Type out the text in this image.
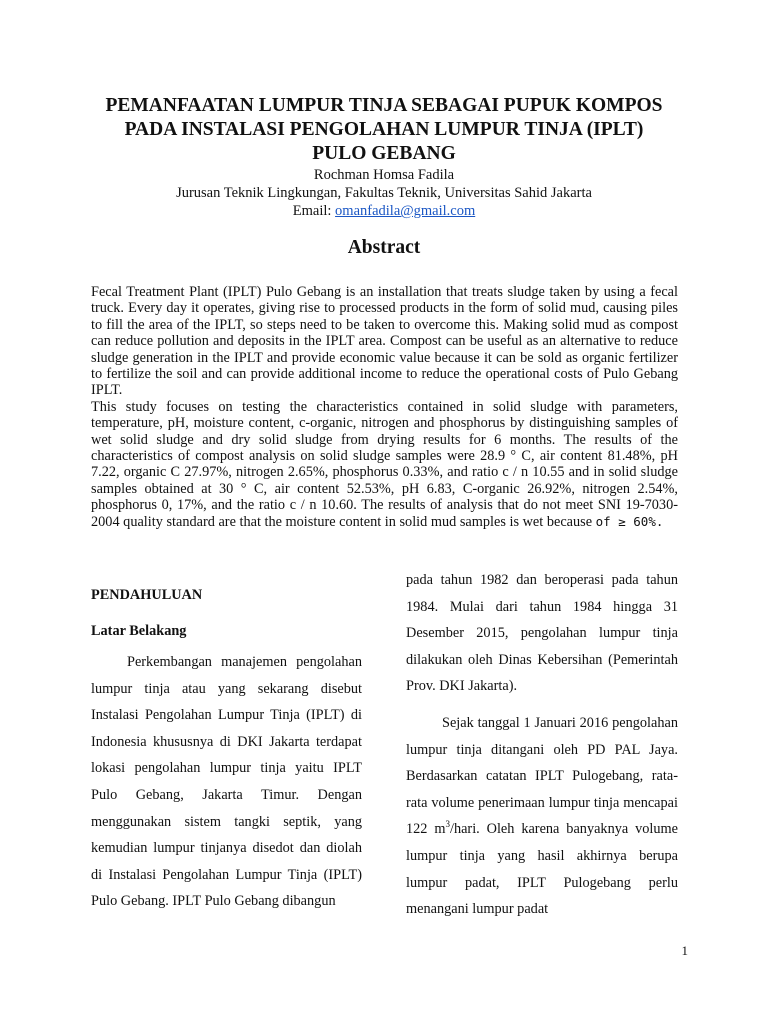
PEMANFAATAN LUMPUR TINJA SEBAGAI PUPUK KOMPOS
PADA INSTALASI PENGOLAHAN LUMPUR TINJA (IPLT)
PULO GEBANG
Rochman Homsa Fadila
Jurusan Teknik Lingkungan, Fakultas Teknik, Universitas Sahid Jakarta
Email: omanfadila@gmail.com
Abstract

Fecal Treatment Plant (IPLT) Pulo Gebang is an installation that treats sludge taken by using a fecal truck. Every day it operates, giving rise to processed products in the form of solid mud, causing piles to fill the area of the IPLT, so steps need to be taken to overcome this. Making solid mud as compost can reduce pollution and deposits in the IPLT area. Compost can be useful as an alternative to reduce sludge generation in the IPLT and provide economic value because it can be sold as organic fertilizer to fertilize the soil and can provide additional income to reduce the operational costs of Pulo Gebang IPLT.

This study focuses on testing the characteristics contained in solid sludge with parameters, temperature, pH, moisture content, c-organic, nitrogen and phosphorus by distinguishing samples of wet solid sludge and dry solid sludge from drying results for 6 months. The results of the characteristics of compost analysis on solid sludge samples were 28.9 ° C, air content 81.48%, pH 7.22, organic C 27.97%, nitrogen 2.65%, phosphorus 0.33%, and ratio c / n 10.55 and in solid sludge samples obtained at 30 ° C, air content 52.53%, pH 6.83, C-organic 26.92%, nitrogen 2.54%, phosphorus 0, 17%, and the ratio c / n 10.60. The results of analysis that do not meet SNI 19-7030-2004 quality standard are that the moisture content in solid mud samples is wet because of ≥ 60%.

PENDAHULUAN
Latar Belakang

Perkembangan manajemen pengolahan lumpur tinja atau yang sekarang disebut Instalasi Pengolahan Lumpur Tinja (IPLT) di Indonesia khususnya di DKI Jakarta terdapat lokasi pengolahan lumpur tinja yaitu IPLT Pulo Gebang, Jakarta Timur. Dengan menggunakan sistem tangki septik, yang kemudian lumpur tinjanya disedot dan diolah di Instalasi Pengolahan Lumpur Tinja (IPLT) Pulo Gebang. IPLT Pulo Gebang dibangun

pada tahun 1982 dan beroperasi pada tahun 1984. Mulai dari tahun 1984 hingga 31 Desember 2015, pengolahan lumpur tinja dilakukan oleh Dinas Kebersihan (Pemerintah Prov. DKI Jakarta).

Sejak tanggal 1 Januari 2016 pengolahan lumpur tinja ditangani oleh PD PAL Jaya. Berdasarkan catatan IPLT Pulogebang, rata-rata volume penerimaan lumpur tinja mencapai 122 $m^3$/hari. Oleh karena banyaknya volume lumpur tinja yang hasil akhirnya berupa lumpur padat, IPLT Pulogebang perlu menangani lumpur padat

1
